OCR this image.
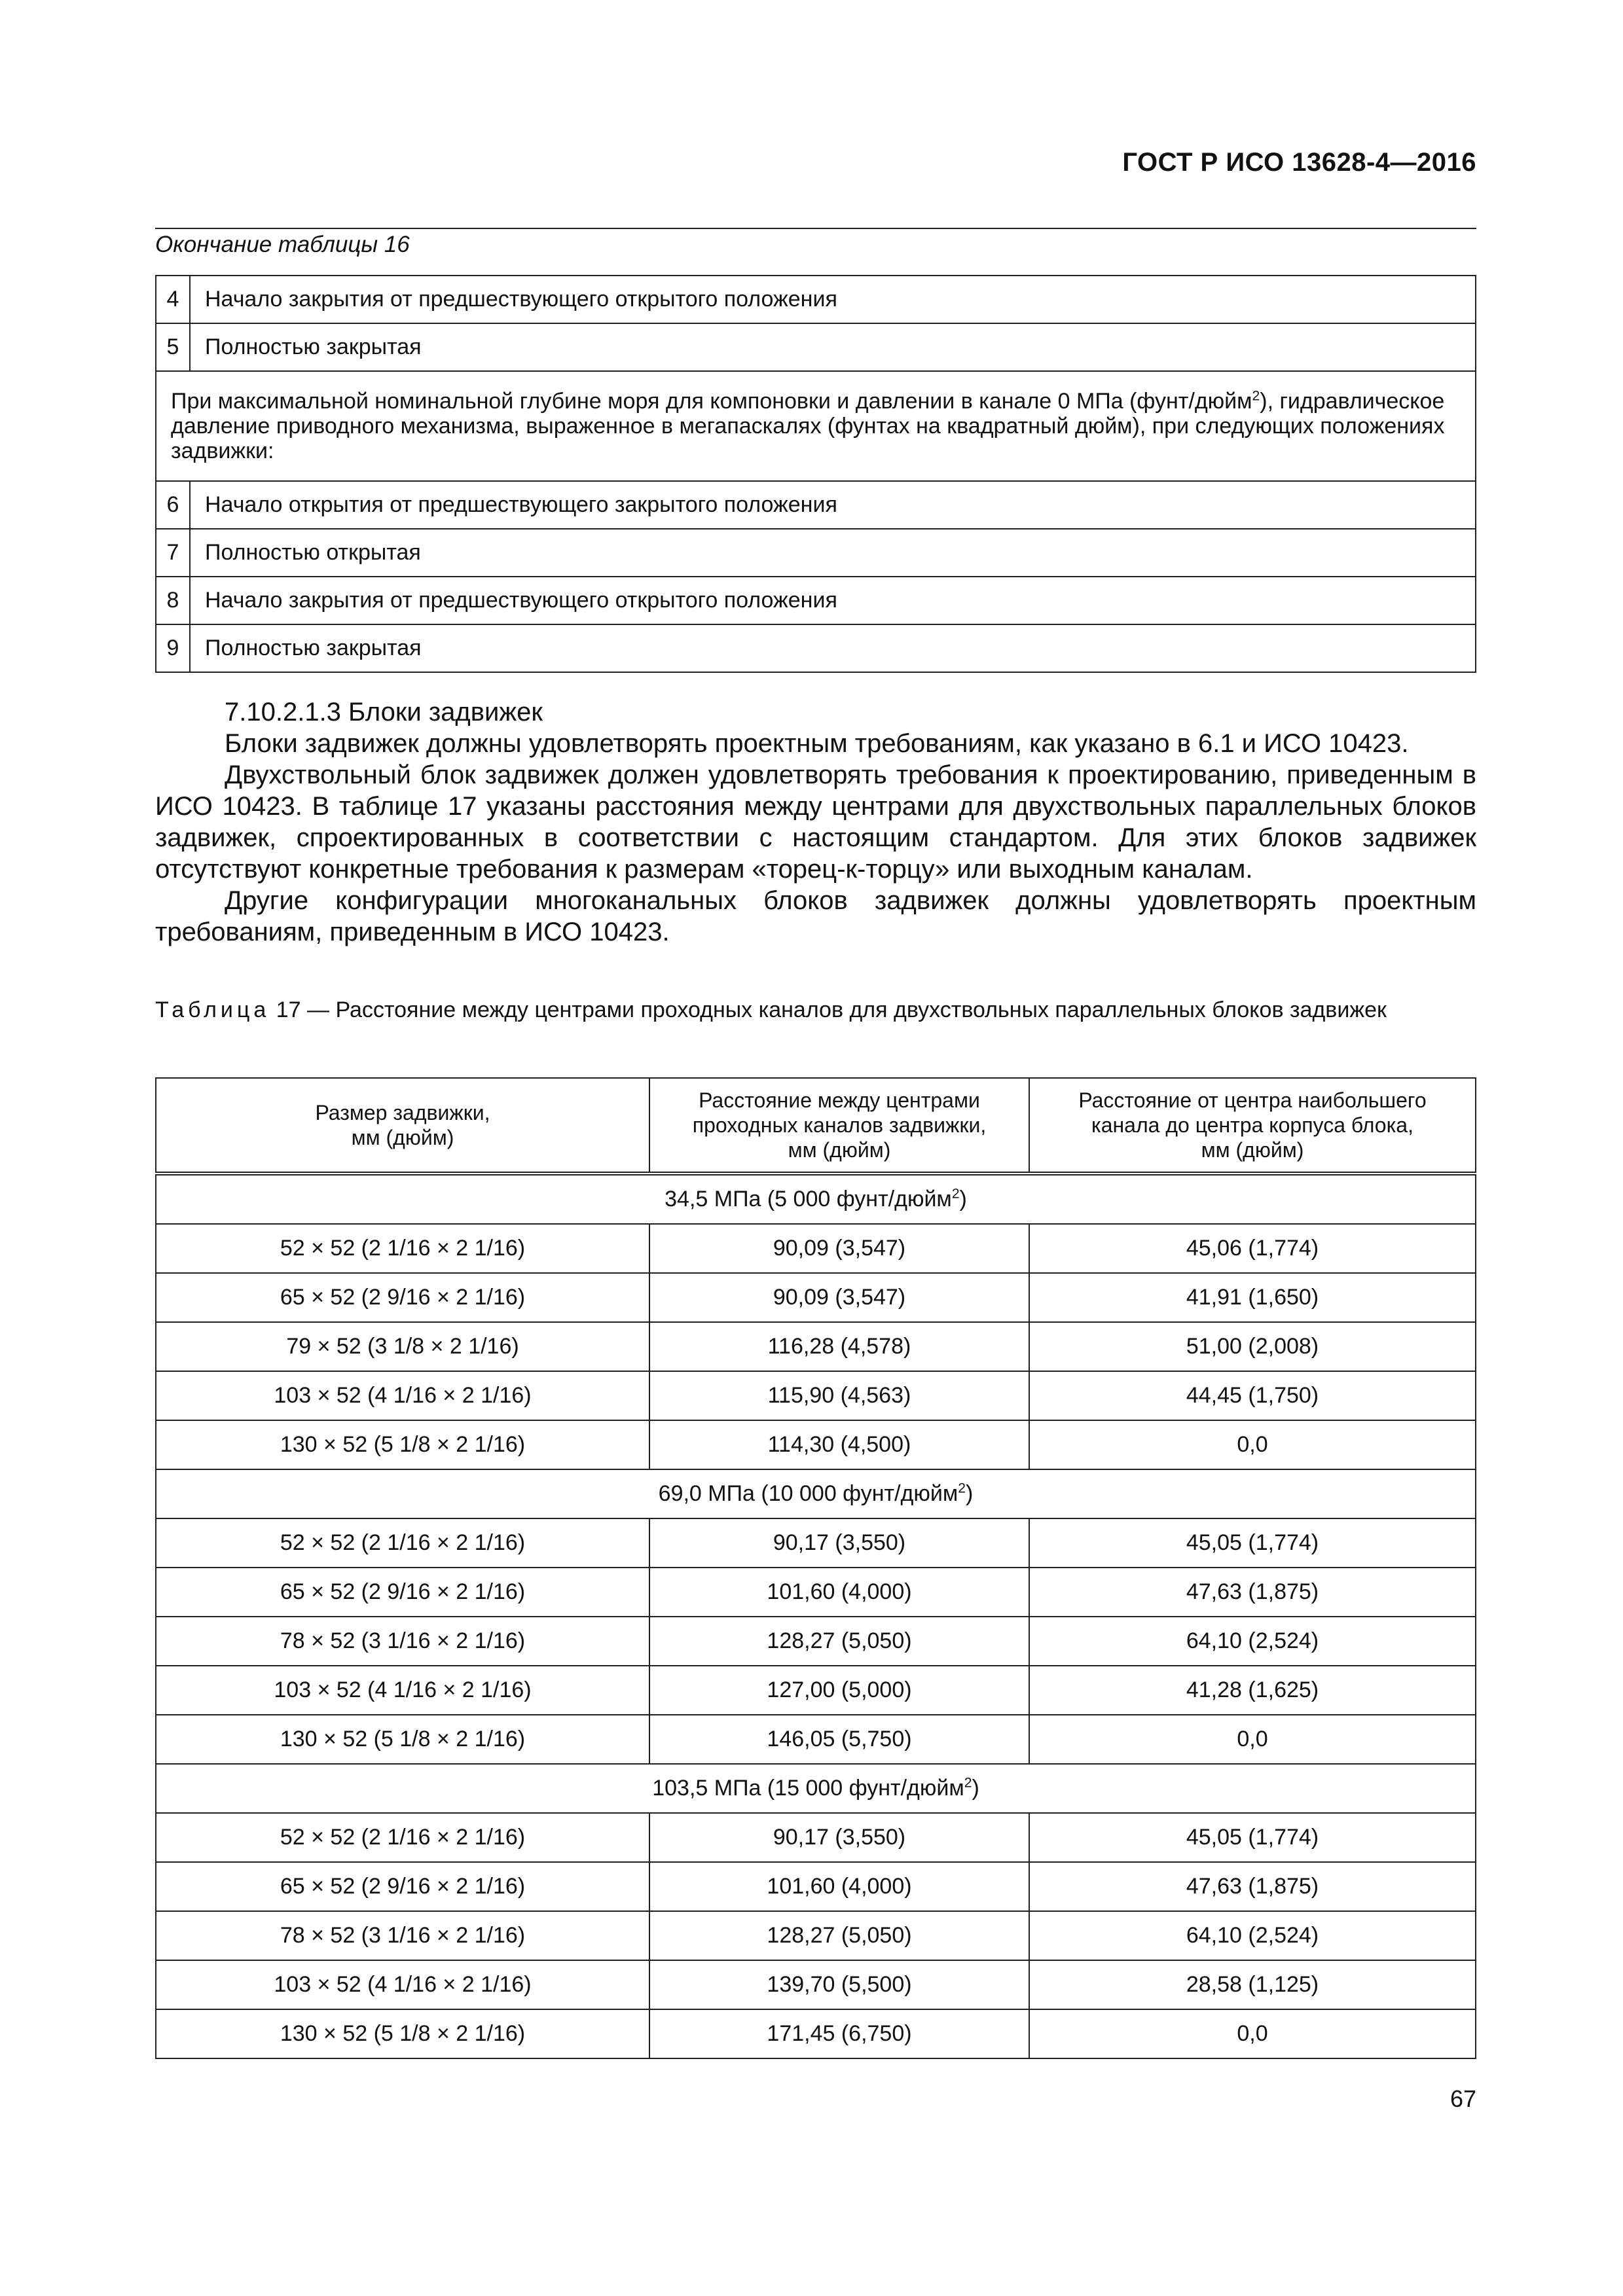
ГОСТ Р ИСО 13628-4—2016
Окончание таблицы 16
4	Начало закрытия от предшествующего открытого положения
5	Полностью закрытая
При максимальной номинальной глубине моря для компоновки и давлении в канале 0 МПа (фунт/дюйм$^2$), гидравлическое давление приводного механизма, выраженное в мегапаскалях (фунтах на квадратный дюйм), при следующих положениях задвижки:	
6	Начало открытия от предшествующего закрытого положения
7	Полностью открытая
8	Начало закрытия от предшествующего открытого положения
9	Полностью закрытая

7.10.2.1.3 Блоки задвижек

Блоки задвижек должны удовлетворять проектным требованиям, как указано в 6.1 и ИСО 10423.

Двухствольный блок задвижек должен удовлетворять требования к проектированию, приведенным в ИСО 10423. В таблице 17 указаны расстояния между центрами для двухствольных параллельных блоков задвижек, спроектированных в соответствии с настоящим стандартом. Для этих блоков задвижек отсутствуют конкретные требования к размерам «торец-к-торцу» или выходным каналам.

Другие конфигурации многоканальных блоков задвижек должны удовлетворять проектным требованиям, приведенным в ИСО 10423.

Таблица 17 — Расстояние между центрами проходных каналов для двухствольных параллельных блоков задвижек
Размер задвижки,
мм (дюйм)	Расстояние между центрами
проходных каналов задвижки,
мм (дюйм)	Расстояние от центра наибольшего
канала до центра корпуса блока,
мм (дюйм)
34,5 МПа (5 000 фунт/дюйм$^2$)		
52 × 52 (2 1/16 × 2 1/16)	90,09 (3,547)	45,06 (1,774)
65 × 52 (2 9/16 × 2 1/16)	90,09 (3,547)	41,91 (1,650)
79 × 52 (3 1/8 × 2 1/16)	116,28 (4,578)	51,00 (2,008)
103 × 52 (4 1/16 × 2 1/16)	115,90 (4,563)	44,45 (1,750)
130 × 52 (5 1/8 × 2 1/16)	114,30 (4,500)	0,0
69,0 МПа (10 000 фунт/дюйм$^2$)		
52 × 52 (2 1/16 × 2 1/16)	90,17 (3,550)	45,05 (1,774)
65 × 52 (2 9/16 × 2 1/16)	101,60 (4,000)	47,63 (1,875)
78 × 52 (3 1/16 × 2 1/16)	128,27 (5,050)	64,10 (2,524)
103 × 52 (4 1/16 × 2 1/16)	127,00 (5,000)	41,28 (1,625)
130 × 52 (5 1/8 × 2 1/16)	146,05 (5,750)	0,0
103,5 МПа (15 000 фунт/дюйм$^2$)		
52 × 52 (2 1/16 × 2 1/16)	90,17 (3,550)	45,05 (1,774)
65 × 52 (2 9/16 × 2 1/16)	101,60 (4,000)	47,63 (1,875)
78 × 52 (3 1/16 × 2 1/16)	128,27 (5,050)	64,10 (2,524)
103 × 52 (4 1/16 × 2 1/16)	139,70 (5,500)	28,58 (1,125)
130 × 52 (5 1/8 × 2 1/16)	171,45 (6,750)	0,0
67
